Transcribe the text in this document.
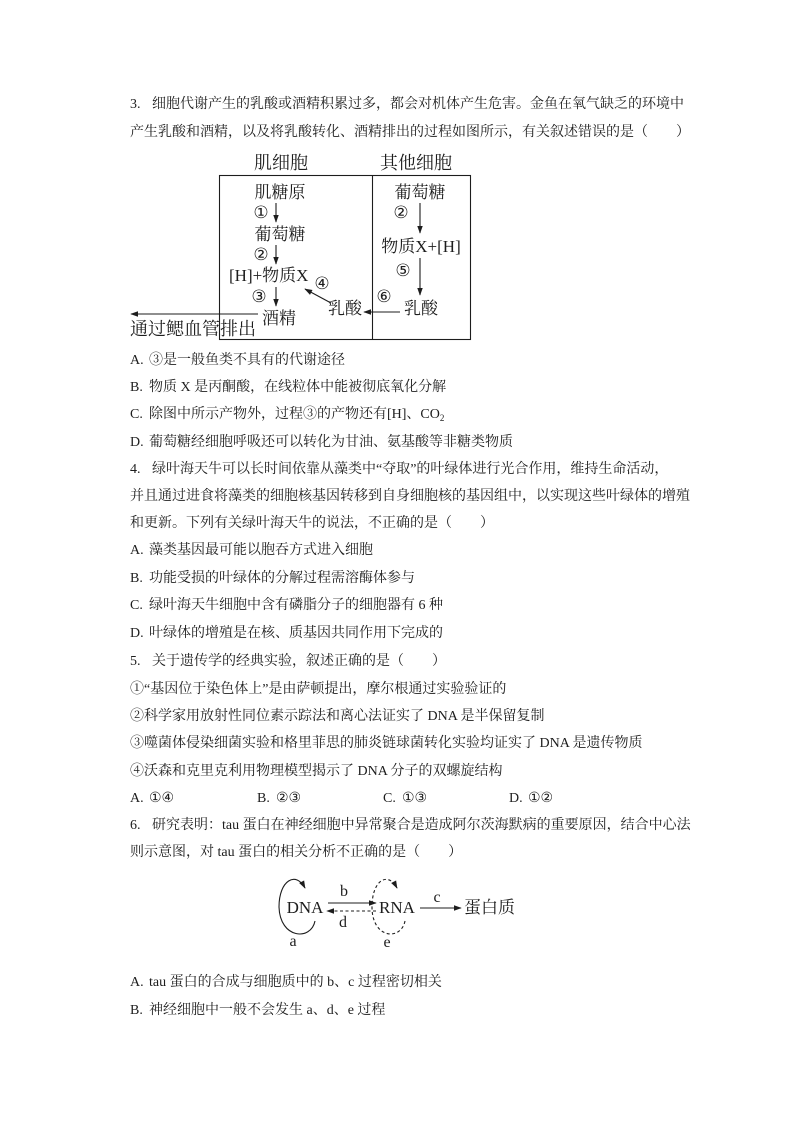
3. 细胞代谢产生的乳酸或酒精积累过多，都会对机体产生危害。金鱼在氧气缺乏的环境中
产生乳酸和酒精，以及将乳酸转化、酒精排出的过程如图所示，有关叙述错误的是（　　）
肌细胞	其他细胞
肌糖原
①
葡萄糖
②
[H]+物质X
③
酒精
④
乳酸
通过鳃血管排出
葡萄糖
②
物质X+[H]
⑤
⑥
乳酸
A. ③是一般鱼类不具有的代谢途径
B. 物质 X 是丙酮酸，在线粒体中能被彻底氧化分解
C. 除图中所示产物外，过程③的产物还有[H]、$CO_2$
D. 葡萄糖经细胞呼吸还可以转化为甘油、氨基酸等非糖类物质
4. 绿叶海天牛可以长时间依靠从藻类中“夺取”的叶绿体进行光合作用，维持生命活动，
并且通过进食将藻类的细胞核基因转移到自身细胞核的基因组中，以实现这些叶绿体的增殖
和更新。下列有关绿叶海天牛的说法，不正确的是（　　）
A. 藻类基因最可能以胞吞方式进入细胞
B. 功能受损的叶绿体的分解过程需溶酶体参与
C. 绿叶海天牛细胞中含有磷脂分子的细胞器有 6 种
D. 叶绿体的增殖是在核、质基因共同作用下完成的
5. 关于遗传学的经典实验，叙述正确的是（　　）
①“基因位于染色体上”是由萨顿提出，摩尔根通过实验验证的
②科学家用放射性同位素示踪法和离心法证实了 DNA 是半保留复制
③噬菌体侵染细菌实验和格里菲思的肺炎链球菌转化实验均证实了 DNA 是遗传物质
④沃森和克里克利用物理模型揭示了 DNA 分子的双螺旋结构
A. ①④	B. ②③	C. ①③	D. ①②
6. 研究表明：tau 蛋白在神经细胞中异常聚合是造成阿尔茨海默病的重要原因，结合中心法
则示意图，对 tau 蛋白的相关分析不正确的是（　　）
a
DNA
b
d
e
RNA
c
蛋白质
A. tau 蛋白的合成与细胞质中的 b、c 过程密切相关
B. 神经细胞中一般不会发生 a、d、e 过程
